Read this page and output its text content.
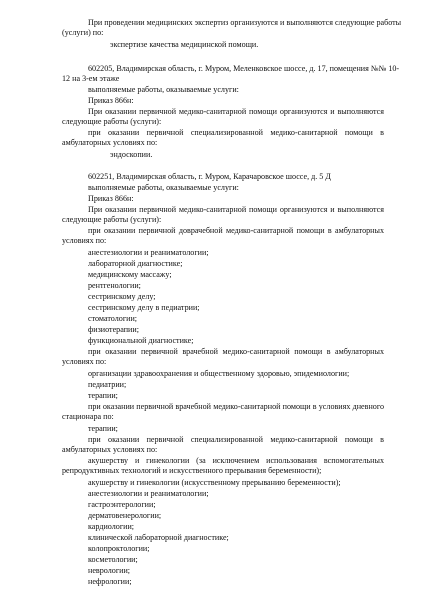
При проведении медицинских экспертиз организуются и выполняются следующие работы

(услуги) по:

экспертизе качества медицинской помощи.

602205, Владимирская область, г. Муром, Меленковское шоссе, д. 17, помещения №№ 10-

12 на 3-ем этаже

выполняемые работы, оказываемые услуги:

Приказ 866н:

При оказании первичной медико-санитарной помощи организуются и выполняются

следующие работы (услуги):

при оказании первичной специализированной медико-санитарной помощи в

амбулаторных условиях по:

эндоскопии.

602251, Владимирская область, г. Муром, Карачаровское шоссе, д. 5 Д

выполняемые работы, оказываемые услуги:

Приказ 866н:

При оказании первичной медико-санитарной помощи организуются и выполняются

следующие работы (услуги):

при оказании первичной доврачебной медико-санитарной помощи в амбулаторных

условиях по:

анестезиологии и реаниматологии;

лабораторной диагностике;

медицинскому массажу;

рентгенологии;

сестринскому делу;

сестринскому делу в педиатрии;

стоматологии;

физиотерапии;

функциональной диагностике;

при оказании первичной врачебной медико-санитарной помощи в амбулаторных

условиях по:

организации здравоохранения и общественному здоровью, эпидемиологии;

педиатрии;

терапии;

при оказании первичной врачебной медико-санитарной помощи в условиях дневного

стационара по:

терапии;

при оказании первичной специализированной медико-санитарной помощи в

амбулаторных условиях по:

акушерству и гинекологии (за исключением использования вспомогательных

репродуктивных технологий и искусственного прерывания беременности);

акушерству и гинекологии (искусственному прерыванию беременности);

анестезиологии и реаниматологии;

гастроэнтерологии;

дерматовенерологии;

кардиологии;

клинической лабораторной диагностике;

колопроктологии;

косметологии;

неврологии;

нефрологии;
